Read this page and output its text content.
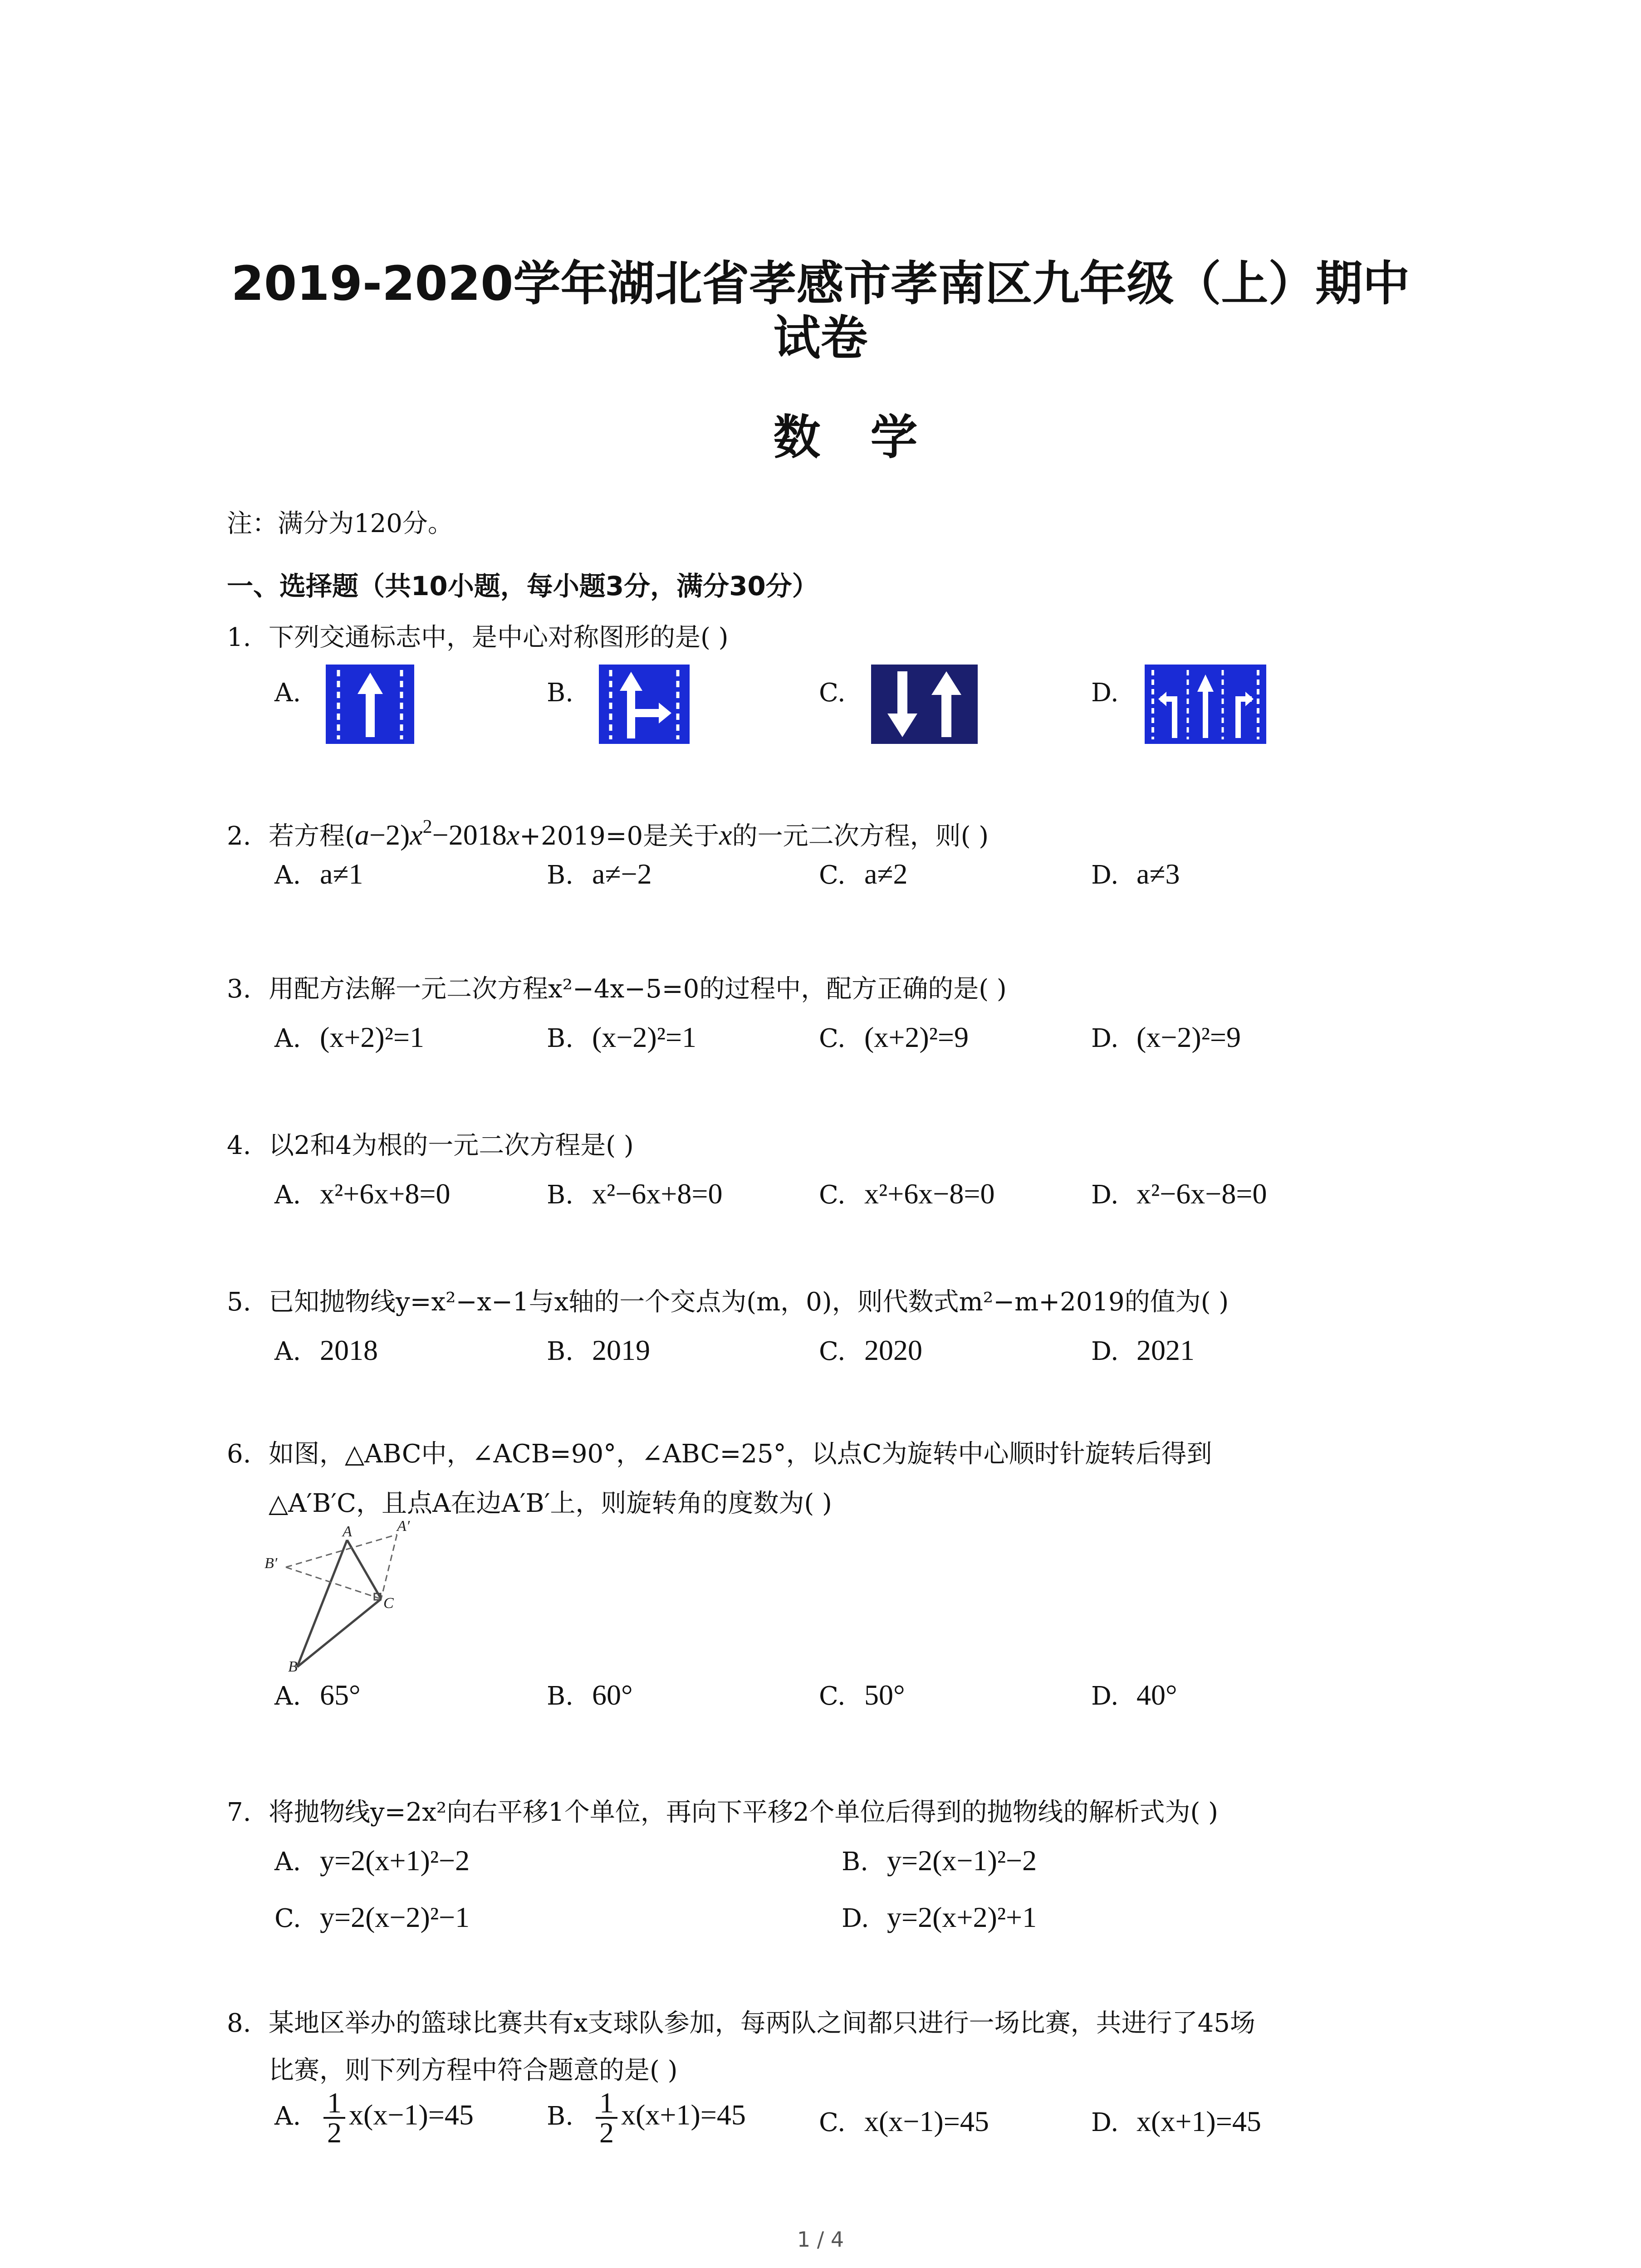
2019-2020学年湖北省孝感市孝南区九年级（上）期中
试卷
数学
注：满分为120分。
一、选择题（共10小题，每小题3分，满分30分）
1. 下列交通标志中，是中心对称图形的是( )
A.	B.	C.	D.
2. 若方程$(a-2)x^2-2018x+2019=0$是关于x的一元二次方程，则( )
A. a≠1	B. a≠−2	C. a≠2	D. a≠3
3. 用配方法解一元二次方程x²−4x−5=0的过程中，配方正确的是( )
A. (x+2)²=1	B. (x−2)²=1	C. (x+2)²=9	D. (x−2)²=9
4. 以2和4为根的一元二次方程是( )
A. x²+6x+8=0	B. x²−6x+8=0	C. x²+6x−8=0	D. x²−6x−8=0
5. 已知抛物线y=x²−x−1与x轴的一个交点为(m，0)，则代数式m²−m+2019的值为( )
A. 2018	B. 2019	C. 2020	D. 2021
6. 如图，△ABC中，∠ACB=90°，∠ABC=25°，以点C为旋转中心顺时针旋转后得到
△A′B′C，且点A在边A′B′上，则旋转角的度数为( )
A	A′
B′
C
B
A. 65°	B. 60°	C. 50°	D. 40°
7. 将抛物线y=2x²向右平移1个单位，再向下平移2个单位后得到的抛物线的解析式为( )
A. y=2(x+1)²−2	B. y=2(x−1)²−2
C. y=2(x−2)²−1	D. y=2(x+2)²+1
8. 某地区举办的篮球比赛共有x支球队参加，每两队之间都只进行一场比赛，共进行了45场
比赛，则下列方程中符合题意的是( )
A. $\frac{1}{2} x(x-1)=45$	B. $\frac{1}{2} x(x+1)=45$	C. x(x−1)=45	D. x(x+1)=45
1 / 4
